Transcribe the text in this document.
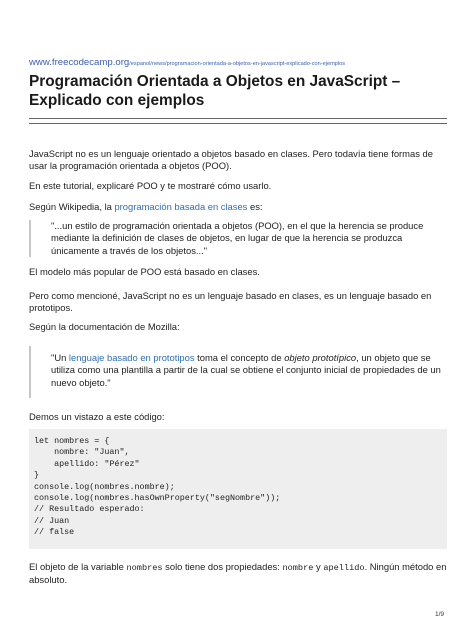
www.freecodecamp.org/espanol/news/programacion-orientada-a-objetos-en-javascript-explicado-con-ejemplos
Programación Orientada a Objetos en JavaScript – Explicado con ejemplos

JavaScript no es un lenguaje orientado a objetos basado en clases. Pero todavía tiene formas de usar la programación orientada a objetos (POO).

En este tutorial, explicaré POO y te mostraré cómo usarlo.

Según Wikipedia, la programación basada en clases es:

"...un estilo de programación orientada a objetos (POO), en el que la herencia se produce mediante la definición de clases de objetos, en lugar de que la herencia se produzca únicamente a través de los objetos..."

El modelo más popular de POO está basado en clases.

Pero como mencioné, JavaScript no es un lenguaje basado en clases, es un lenguaje basado en prototipos.

Según la documentación de Mozilla:

"Un lenguaje basado en prototipos toma el concepto de objeto prototípico, un objeto que se utiliza como una plantilla a partir de la cual se obtiene el conjunto inicial de propiedades de un nuevo objeto."

Demos un vistazo a este código:

let nombres = {
nombre: "Juan",
apellido: "Pérez"
}
console.log(nombres.nombre);
console.log(nombres.hasOwnProperty("segNombre"));
// Resultado esperado:
// Juan
// false

El objeto de la variable nombres solo tiene dos propiedades: nombre y apellido. Ningún método en absoluto.

1/9
